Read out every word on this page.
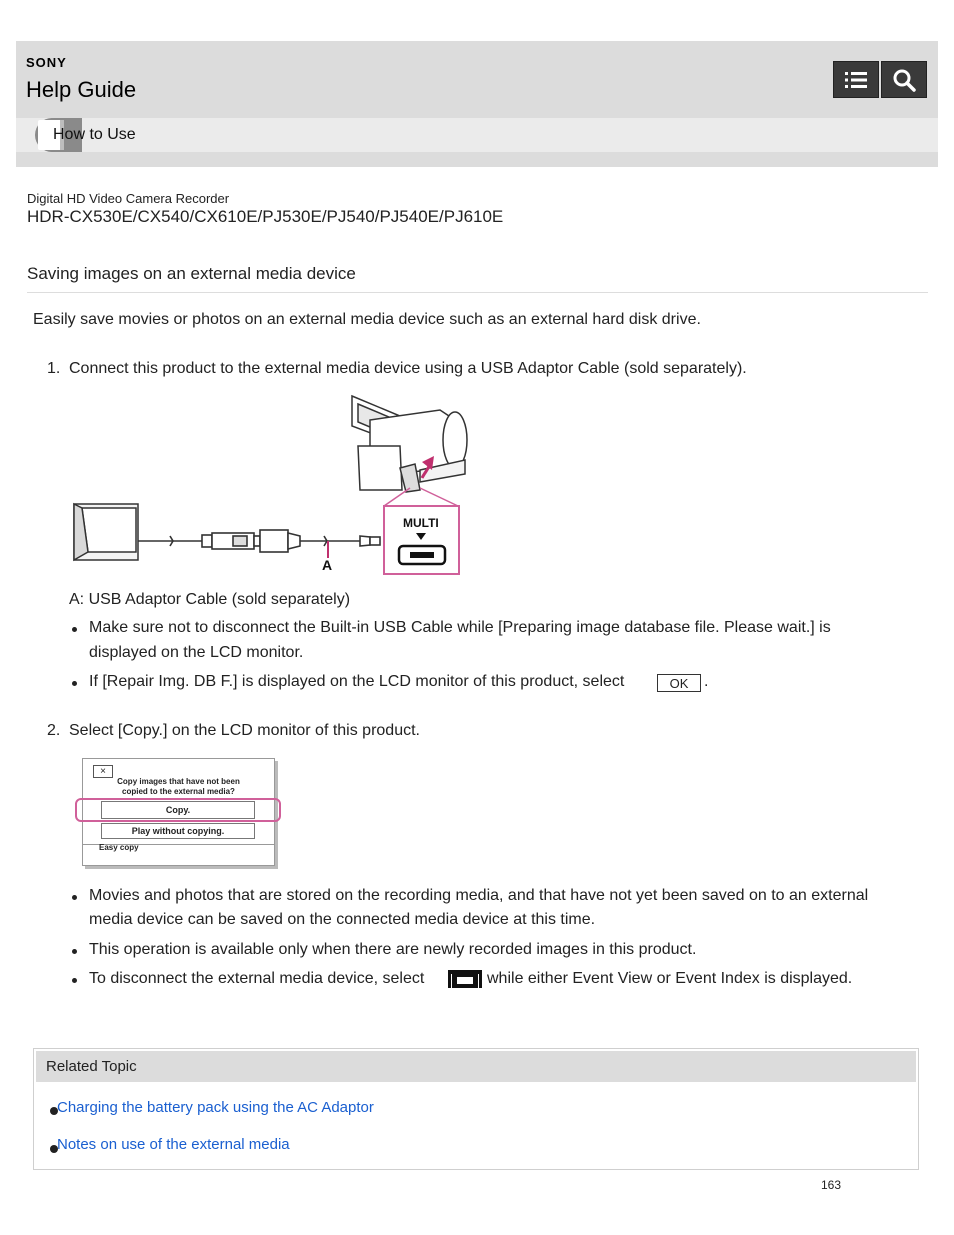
SONY
Help Guide
How to Use
Digital HD Video Camera Recorder
HDR-CX530E/CX540/CX610E/PJ530E/PJ540/PJ540E/PJ610E
Saving images on an external media device
Easily save movies or photos on an external media device such as an external hard disk drive.
1. Connect this product to the external media device using a USB Adaptor Cable (sold separately).
A
MULTI
A: USB Adaptor Cable (sold separately)
Make sure not to disconnect the Built-in USB Cable while [Preparing image database file. Please wait.] is
displayed on the LCD monitor.
If [Repair Img. DB F.] is displayed on the LCD monitor of this product, select	OK .
2. Select [Copy.] on the LCD monitor of this product.
×
Copy images that have not been
copied to the external media?
Copy.
Play without copying.
Easy copy
Movies and photos that are stored on the recording media, and that have not yet been saved on to an external
media device can be saved on the connected media device at this time.
This operation is available only when there are newly recorded images in this product.
To disconnect the external media device, select	while either Event View or Event Index is displayed.
Related Topic
Charging the battery pack using the AC Adaptor
Notes on use of the external media
163
